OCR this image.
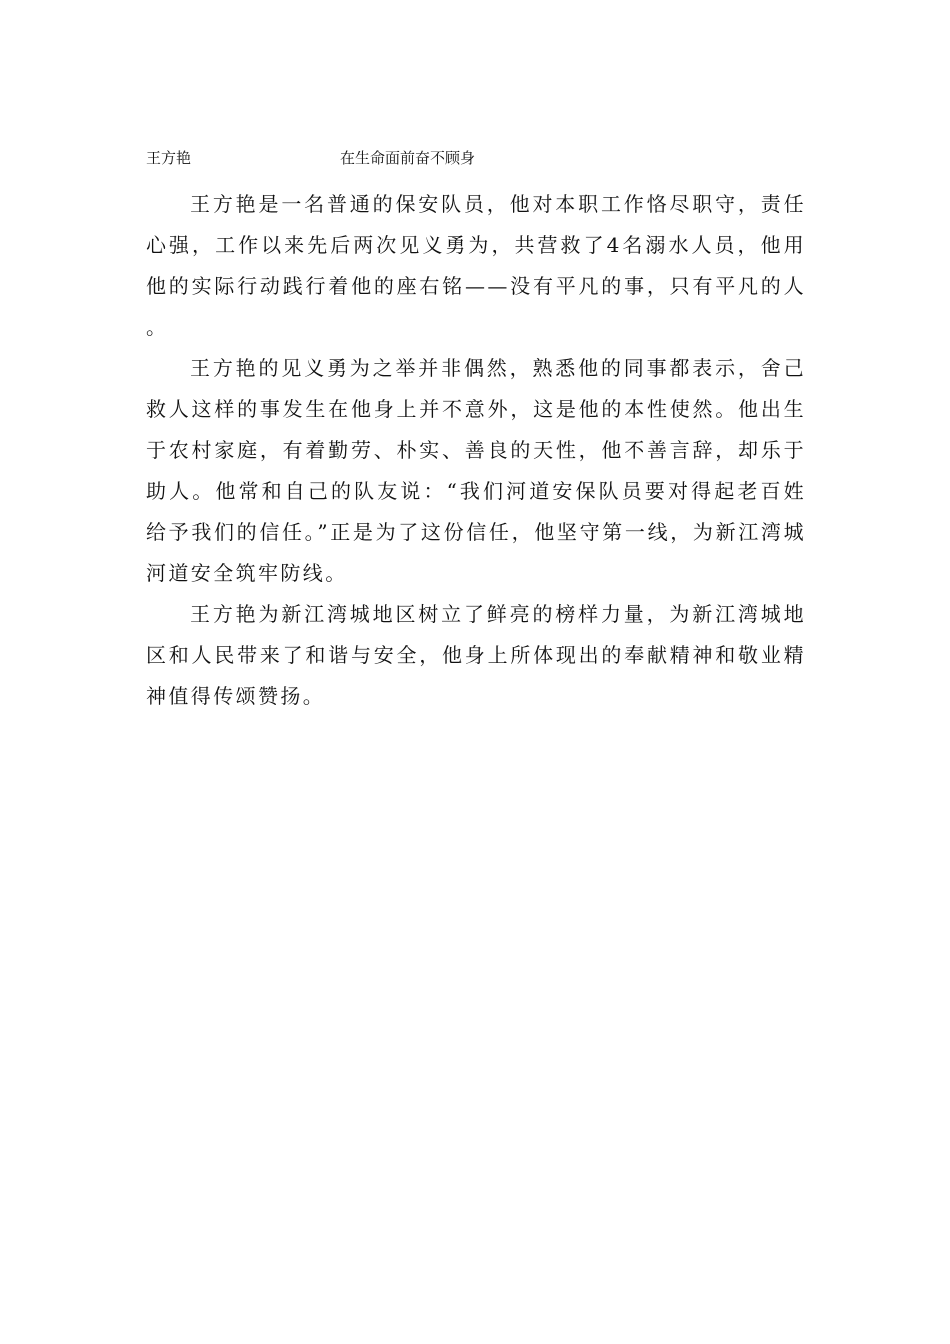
王方艳	在生命面前奋不顾身

王方艳是一名普通的保安队员，他对本职工作恪尽职守，责任心强，工作以来先后两次见义勇为，共营救了4名溺水人员，他用他的实际行动践行着他的座右铭——没有平凡的事，只有平凡的人。

王方艳的见义勇为之举并非偶然，熟悉他的同事都表示，舍己救人这样的事发生在他身上并不意外，这是他的本性使然。他出生于农村家庭，有着勤劳、朴实、善良的天性，他不善言辞，却乐于助人。他常和自己的队友说：“我们河道安保队员要对得起老百姓给予我们的信任。”正是为了这份信任，他坚守第一线，为新江湾城河道安全筑牢防线。

王方艳为新江湾城地区树立了鲜亮的榜样力量，为新江湾城地区和人民带来了和谐与安全，他身上所体现出的奉献精神和敬业精神值得传颂赞扬。
